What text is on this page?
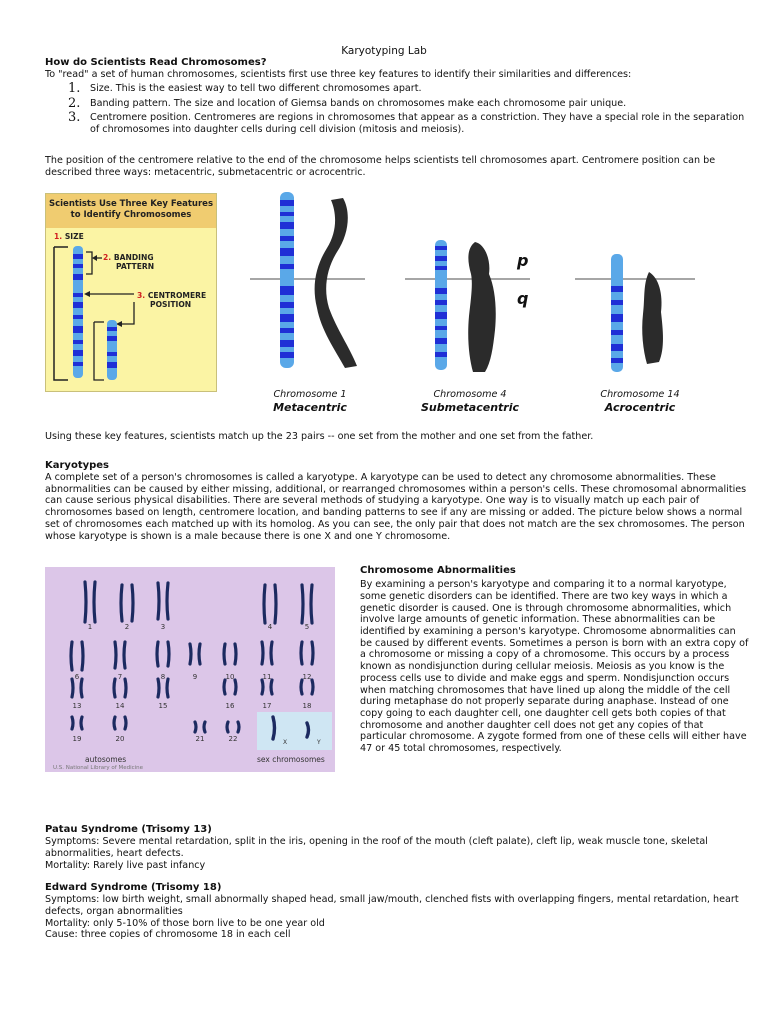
Karyotyping Lab
How do Scientists Read Chromosomes?

To "read" a set of human chromosomes, scientists first use three key features to identify their similarities and differences:

1. Size. This is the easiest way to tell two different chromosomes apart.
2. Banding pattern. The size and location of Giemsa bands on chromosomes make each chromosome pair unique.
3. Centromere position. Centromeres are regions in chromosomes that appear as a constriction. They have a special role in the separation of chromosomes into daughter cells during cell division (mitosis and meiosis).

The position of the centromere relative to the end of the chromosome helps scientists tell chromosomes apart. Centromere position can be described three ways: metacentric, submetacentric or acrocentric.

Scientists Use Three Key Features
to Identify Chromosomes
1. SIZE
2. BANDING
PATTERN
3. CENTROMERE
POSITION
p
q
Chromosome 1
Metacentric
Chromosome 4
Submetacentric
Chromosome 14
Acrocentric

Using these key features, scientists match up the 23 pairs -- one set from the mother and one set from the father.

Karyotypes

A complete set of a person's chromosomes is called a karyotype. A karyotype can be used to detect any chromosome abnormalities. These abnormalities can be caused by either missing, additional, or rearranged chromosomes within a person's cells. These chromosomal abnormalities can cause serious physical disabilities. There are several methods of studying a karyotype. One way is to visually match up each pair of chromosomes based on length, centromere location, and banding patterns to see if any are missing or added. The picture below shows a normal set of chromosomes each matched up with its homolog. As you can see, the only pair that does not match are the sex chromosomes. The person whose karyotype is shown is a male because there is one X and one Y chromosome.

1	2	3	4	5
6	7	8	9	10	11	12
13	14	15	16	17	18
19	20	21	22	X	Y
autosomes	sex chromosomes
U.S. National Library of Medicine
Chromosome Abnormalities

By examining a person's karyotype and comparing it to a normal karyotype, some genetic disorders can be identified. There are two key ways in which a genetic disorder is caused. One is through chromosome abnormalities, which involve large amounts of genetic information. These abnormalities can be identified by examining a person's karyotype. Chromosome abnormalities can be caused by different events. Sometimes a person is born with an extra copy of a chromosome or missing a copy of a chromosome. This occurs by a process known as nondisjunction during cellular meiosis. Meiosis as you know is the process cells use to divide and make eggs and sperm. Nondisjunction occurs when matching chromosomes that have lined up along the middle of the cell during metaphase do not properly separate during anaphase. Instead of one copy going to each daughter cell, one daughter cell gets both copies of that chromosome and another daughter cell does not get any copies of that particular chromosome. A zygote formed from one of these cells will either have 47 or 45 total chromosomes, respectively.

Patau Syndrome (Trisomy 13)

Symptoms: Severe mental retardation, split in the iris, opening in the roof of the mouth (cleft palate), cleft lip, weak muscle tone, skeletal abnormalities, heart defects.

Mortality: Rarely live past infancy

Edward Syndrome (Trisomy 18)

Symptoms: low birth weight, small abnormally shaped head, small jaw/mouth, clenched fists with overlapping fingers, mental retardation, heart defects, organ abnormalities

Mortality: only 5-10% of those born live to be one year old

Cause: three copies of chromosome 18 in each cell
